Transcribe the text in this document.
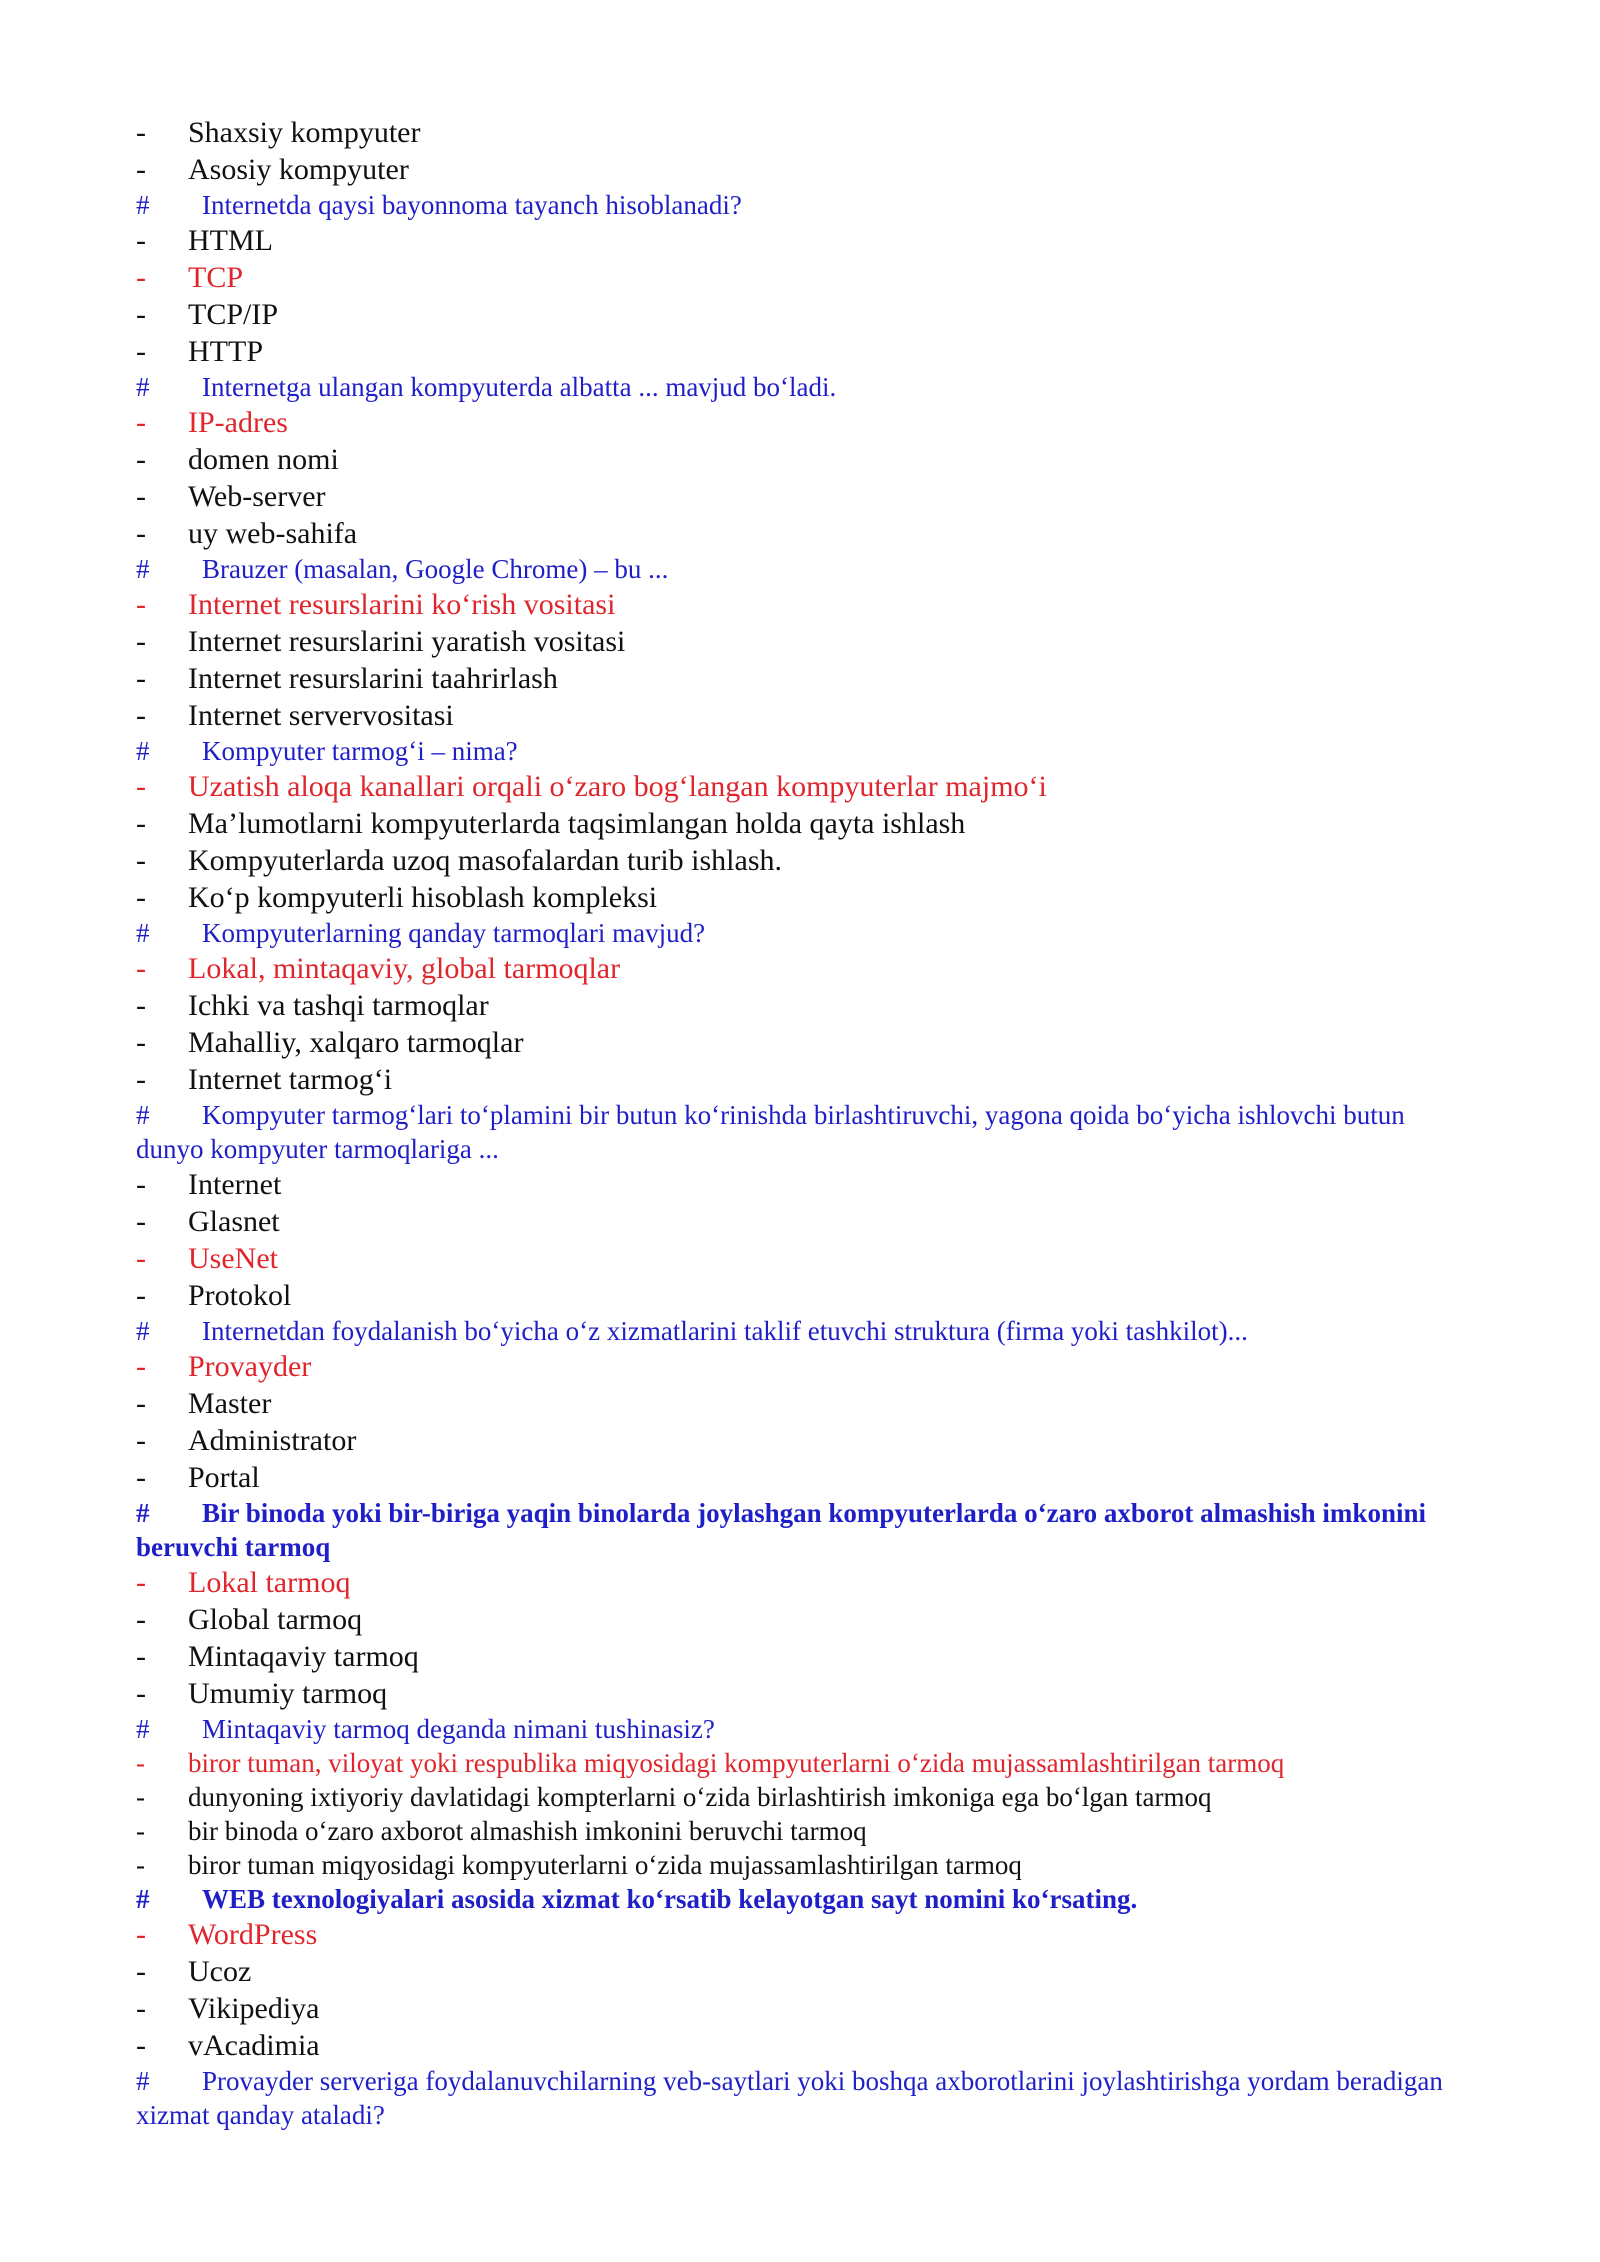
-	Shaxsiy kompyuter
-	Asosiy kompyuter
#	Internetda qaysi bayonnoma tayanch hisoblanadi?
-	HTML
-	TCP
-	TCP/IP
-	HTTP
#	Internetga ulangan kompyuterda albatta ... mavjud bo‘ladi.
-	IP-adres
-	domen nomi
-	Web-server
-	uy web-sahifa
#	Brauzer (masalan, Google Chrome) – bu ...
-	Internet resurslarini ko‘rish vositasi
-	Internet resurslarini yaratish vositasi
-	Internet resurslarini taahrirlash
-	Internet servervositasi
#	Kompyuter tarmog‘i – nima?
-	Uzatish aloqa kanallari orqali o‘zaro bog‘langan kompyuterlar majmo‘i
-	Ma’lumotlarni kompyuterlarda taqsimlangan holda qayta ishlash
-	Kompyuterlarda uzoq masofalardan turib ishlash.
-	Ko‘p kompyuterli hisoblash kompleksi
#	Kompyuterlarning qanday tarmoqlari mavjud?
-	Lokal, mintaqaviy, global tarmoqlar
-	Ichki va tashqi tarmoqlar
-	Mahalliy, xalqaro tarmoqlar
-	Internet tarmog‘i
#	Kompyuter tarmog‘lari to‘plamini bir butun ko‘rinishda birlashtiruvchi, yagona qoida bo‘yicha ishlovchi butun dunyo kompyuter tarmoqlariga ...
-	Internet
-	Glasnet
-	UseNet
-	Protokol
#	Internetdan foydalanish bo‘yicha o‘z xizmatlarini taklif etuvchi struktura (firma yoki tashkilot)...
-	Provayder
-	Master
-	Administrator
-	Portal
#	Bir binoda yoki bir-biriga yaqin binolarda joylashgan kompyuterlarda o‘zaro axborot almashish imkonini beruvchi tarmoq
-	Lokal tarmoq
-	Global tarmoq
-	Mintaqaviy tarmoq
-	Umumiy tarmoq
#	Mintaqaviy tarmoq deganda nimani tushinasiz?
-	biror tuman, viloyat yoki respublika miqyosidagi kompyuterlarni o‘zida mujassamlashtirilgan tarmoq
-	dunyoning ixtiyoriy davlatidagi kompterlarni o‘zida birlashtirish imkoniga ega bo‘lgan tarmoq
-	bir binoda o‘zaro axborot almashish imkonini beruvchi tarmoq
-	biror tuman miqyosidagi kompyuterlarni o‘zida mujassamlashtirilgan tarmoq
#	WEB texnologiyalari asosida xizmat ko‘rsatib kelayotgan sayt nomini ko‘rsating.
-	WordPress
-	Ucoz
-	Vikipediya
-	vAcadimia
#	Provayder serveriga foydalanuvchilarning veb-saytlari yoki boshqa axborotlarini joylashtirishga yordam beradigan xizmat qanday ataladi?
